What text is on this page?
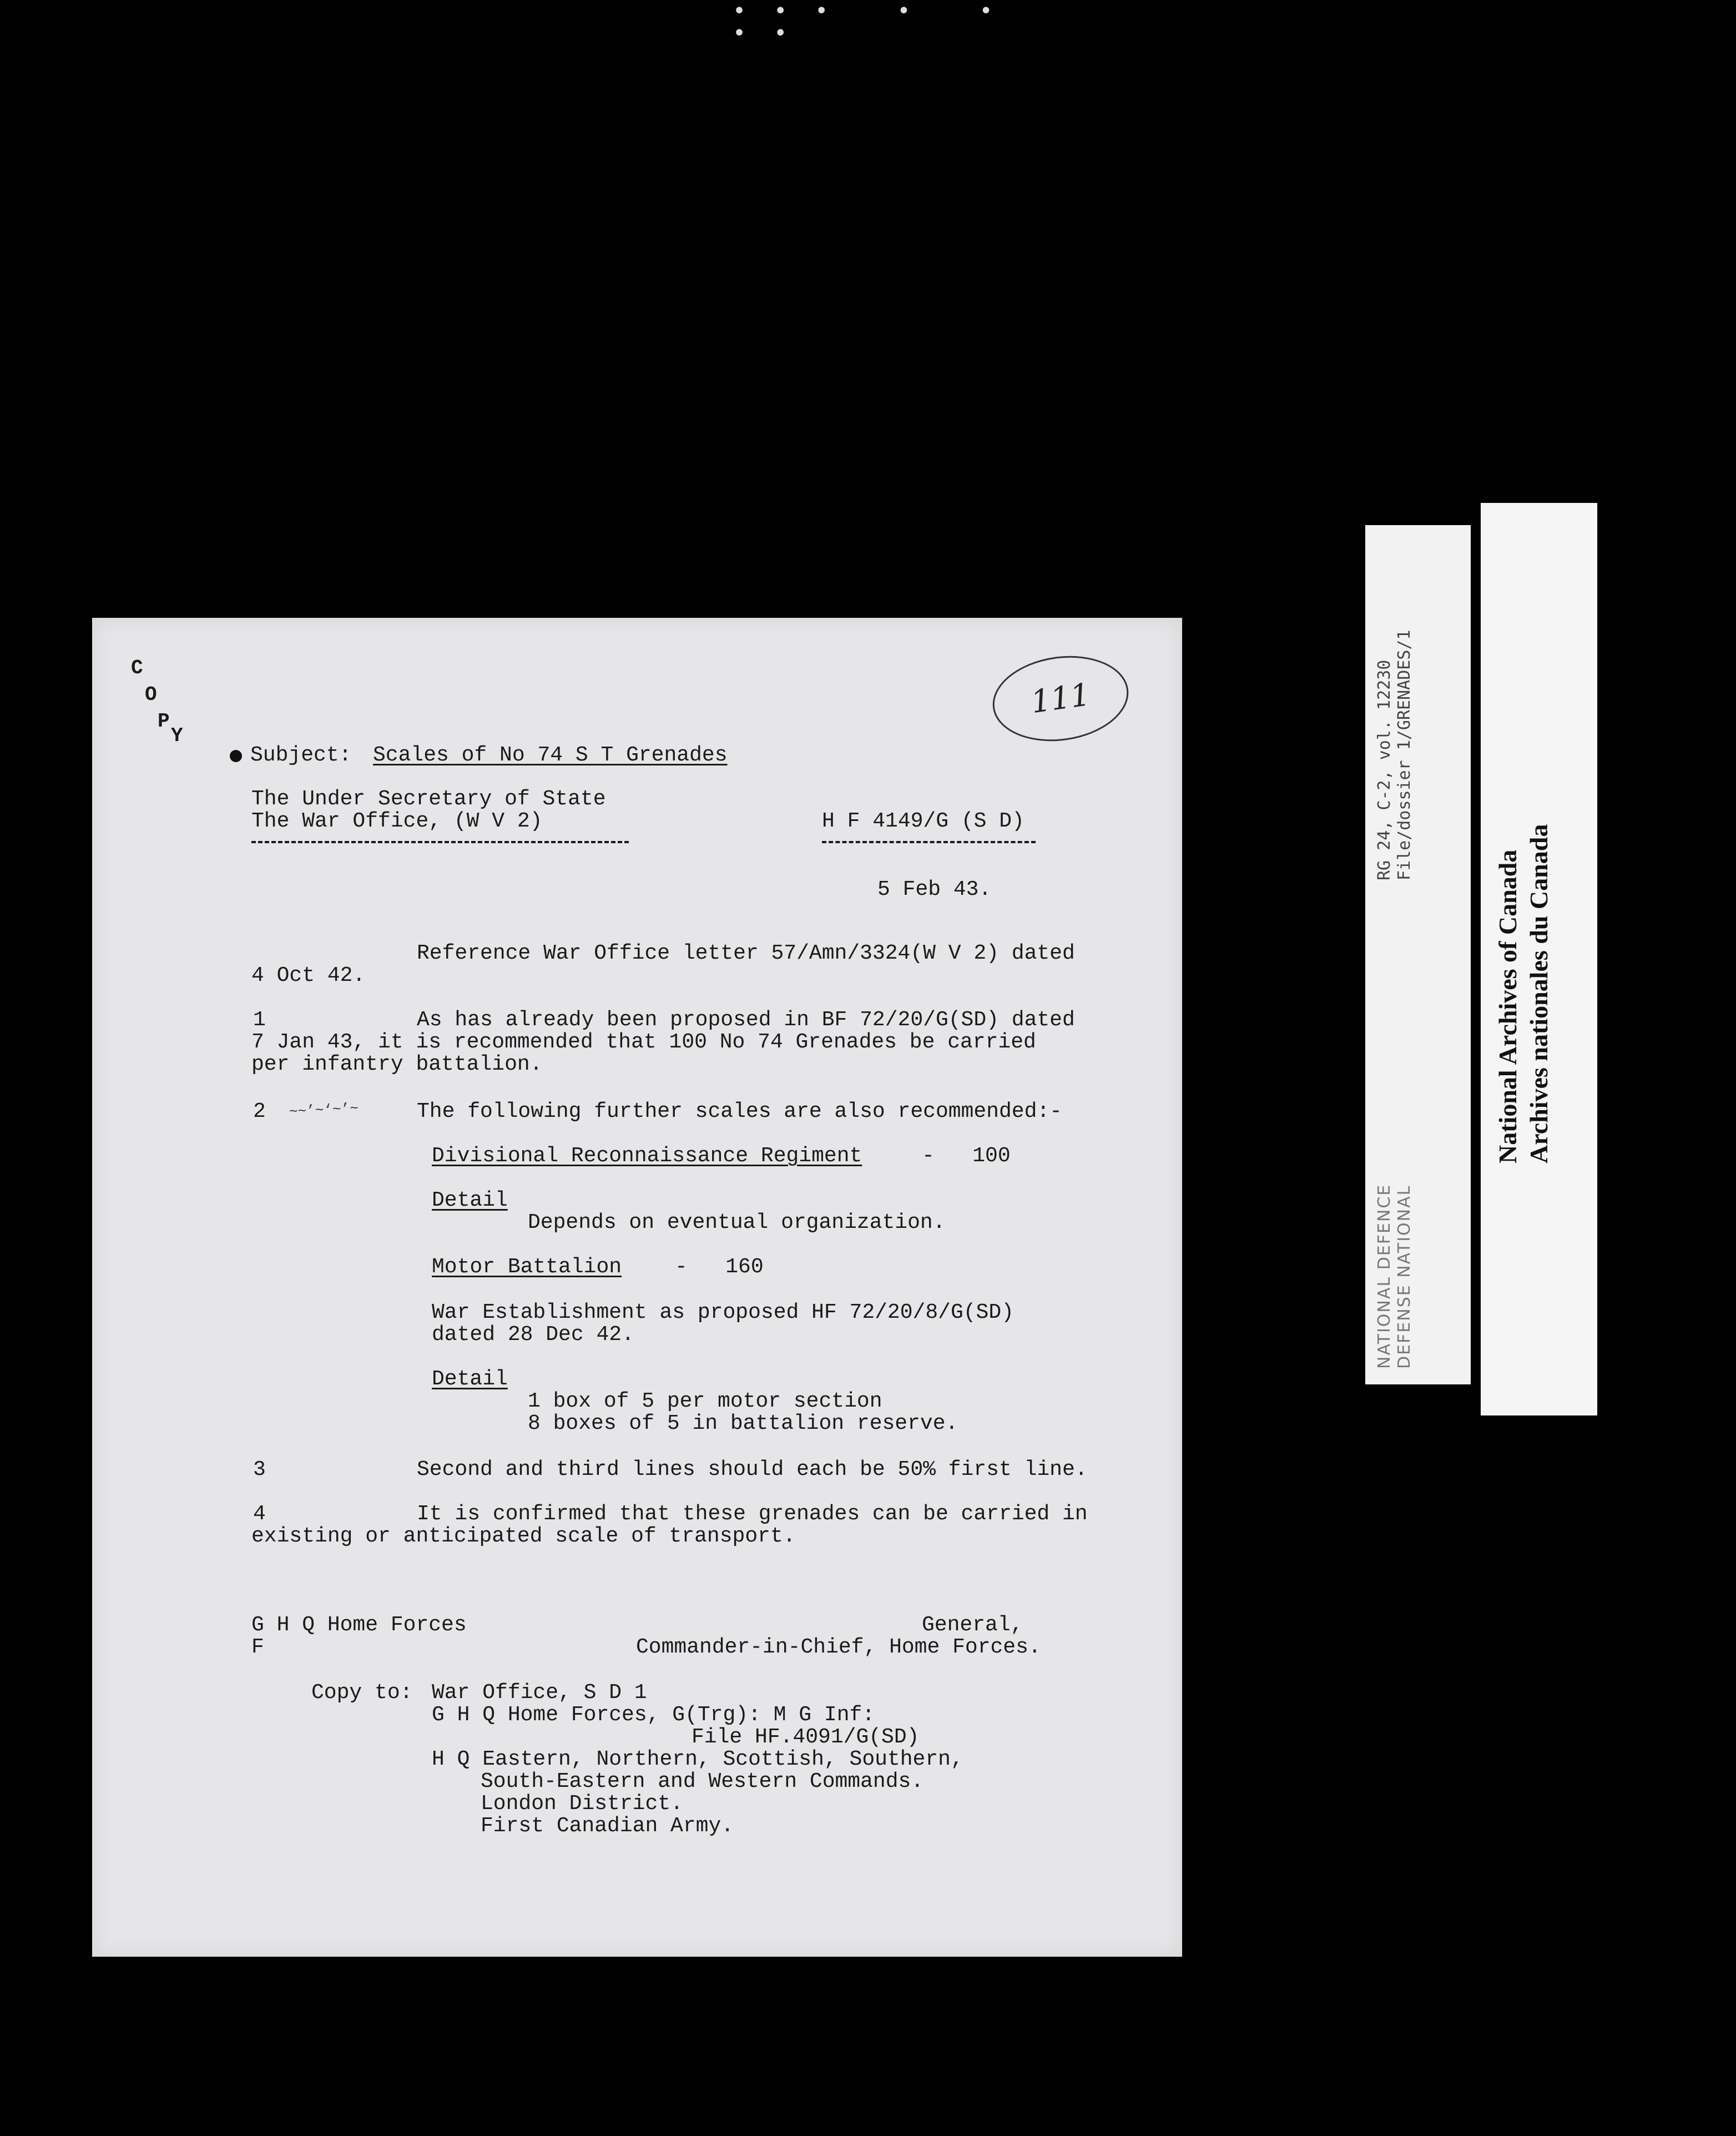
••• • • ••
C
O
P
Y
111
Subject: Scales of No 74 S T Grenades
The Under Secretary of State
The War Office, (W V 2)	H F 4149/G (S D)
5 Feb 43.
Reference War Office letter 57/Amn/3324(W V 2) dated
4 Oct 42.
1	As has already been proposed in BF 72/20/G(SD) dated
7 Jan 43, it is recommended that 100 No 74 Grenades be carried
per infantry battalion.
2 ~~’~‘~’~	The following further scales are also recommended:-
Divisional Reconnaissance Regiment	-   100
Detail
Depends on eventual organization.
Motor Battalion	-   160
War Establishment as proposed HF 72/20/8/G(SD)
dated 28 Dec 42.
Detail
1 box of 5 per motor section
8 boxes of 5 in battalion reserve.
3	Second and third lines should each be 50% first line.
4	It is confirmed that these grenades can be carried in
existing or anticipated scale of transport.
G H Q Home Forces
F
General,
Commander-in-Chief, Home Forces.
Copy to: War Office, S D 1
G H Q Home Forces, G(Trg): M G Inf:
File HF.4091/G(SD)
H Q Eastern, Northern, Scottish, Southern,
South-Eastern and Western Commands.
London District.
First Canadian Army.
RG 24, C-2, vol. 12230 File/dossier 1/GRENADES/1
NATIONAL DEFENCE DEFENSE NATIONAL
National Archives of Canada Archives nationales du Canada
